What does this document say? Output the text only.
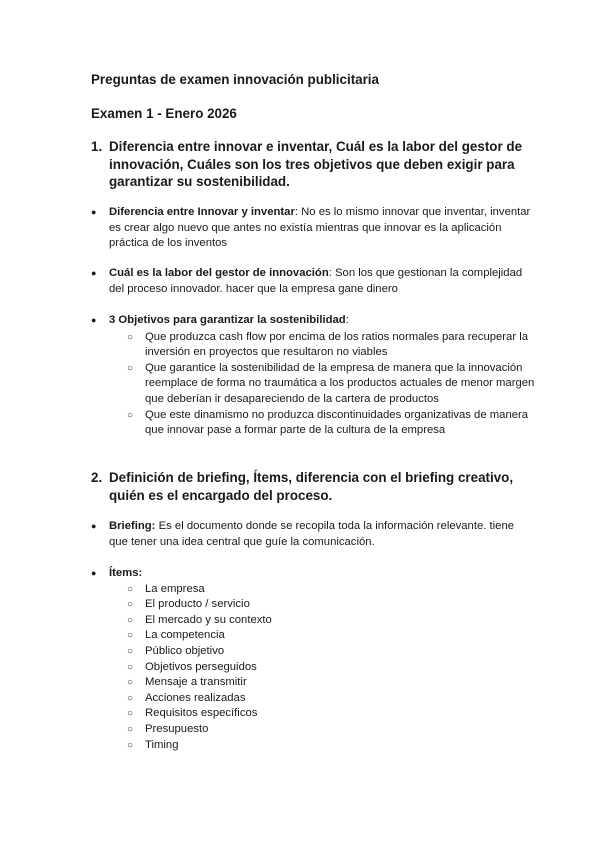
Preguntas de examen innovación publicitaria
Examen 1 - Enero 2026
1. Diferencia entre innovar e inventar, Cuál es la labor del gestor de innovación, Cuáles son los tres objetivos que deben exigir para garantizar su sostenibilidad.
● Diferencia entre Innovar y inventar: No es lo mismo innovar que inventar, inventar es crear algo nuevo que antes no existía mientras que innovar es la aplicación práctica de los inventos
● Cuál es la labor del gestor de innovación: Son los que gestionan la complejidad del proceso innovador. hacer que la empresa gane dinero
● 3 Objetivos para garantizar la sostenibilidad:
○ Que produzca cash flow por encima de los ratios normales para recuperar la inversión en proyectos que resultaron no viables
○ Que garantice la sostenibilidad de la empresa de manera que la innovación reemplace de forma no traumática a los productos actuales de menor margen que deberían ir desapareciendo de la cartera de productos
○ Que este dinamismo no produzca discontinuidades organizativas de manera que innovar pase a formar parte de la cultura de la empresa
2. Definición de briefing, Ítems, diferencia con el briefing creativo, quién es el encargado del proceso.
● Briefing: Es el documento donde se recopila toda la información relevante. tiene que tener una idea central que guíe la comunicación.
● Ítems:
○ La empresa
○ El producto / servicio
○ El mercado y su contexto
○ La competencia
○ Público objetivo
○ Objetivos perseguidos
○ Mensaje a transmitir
○ Acciones realizadas
○ Requisitos específicos
○ Presupuesto
○ Timing
